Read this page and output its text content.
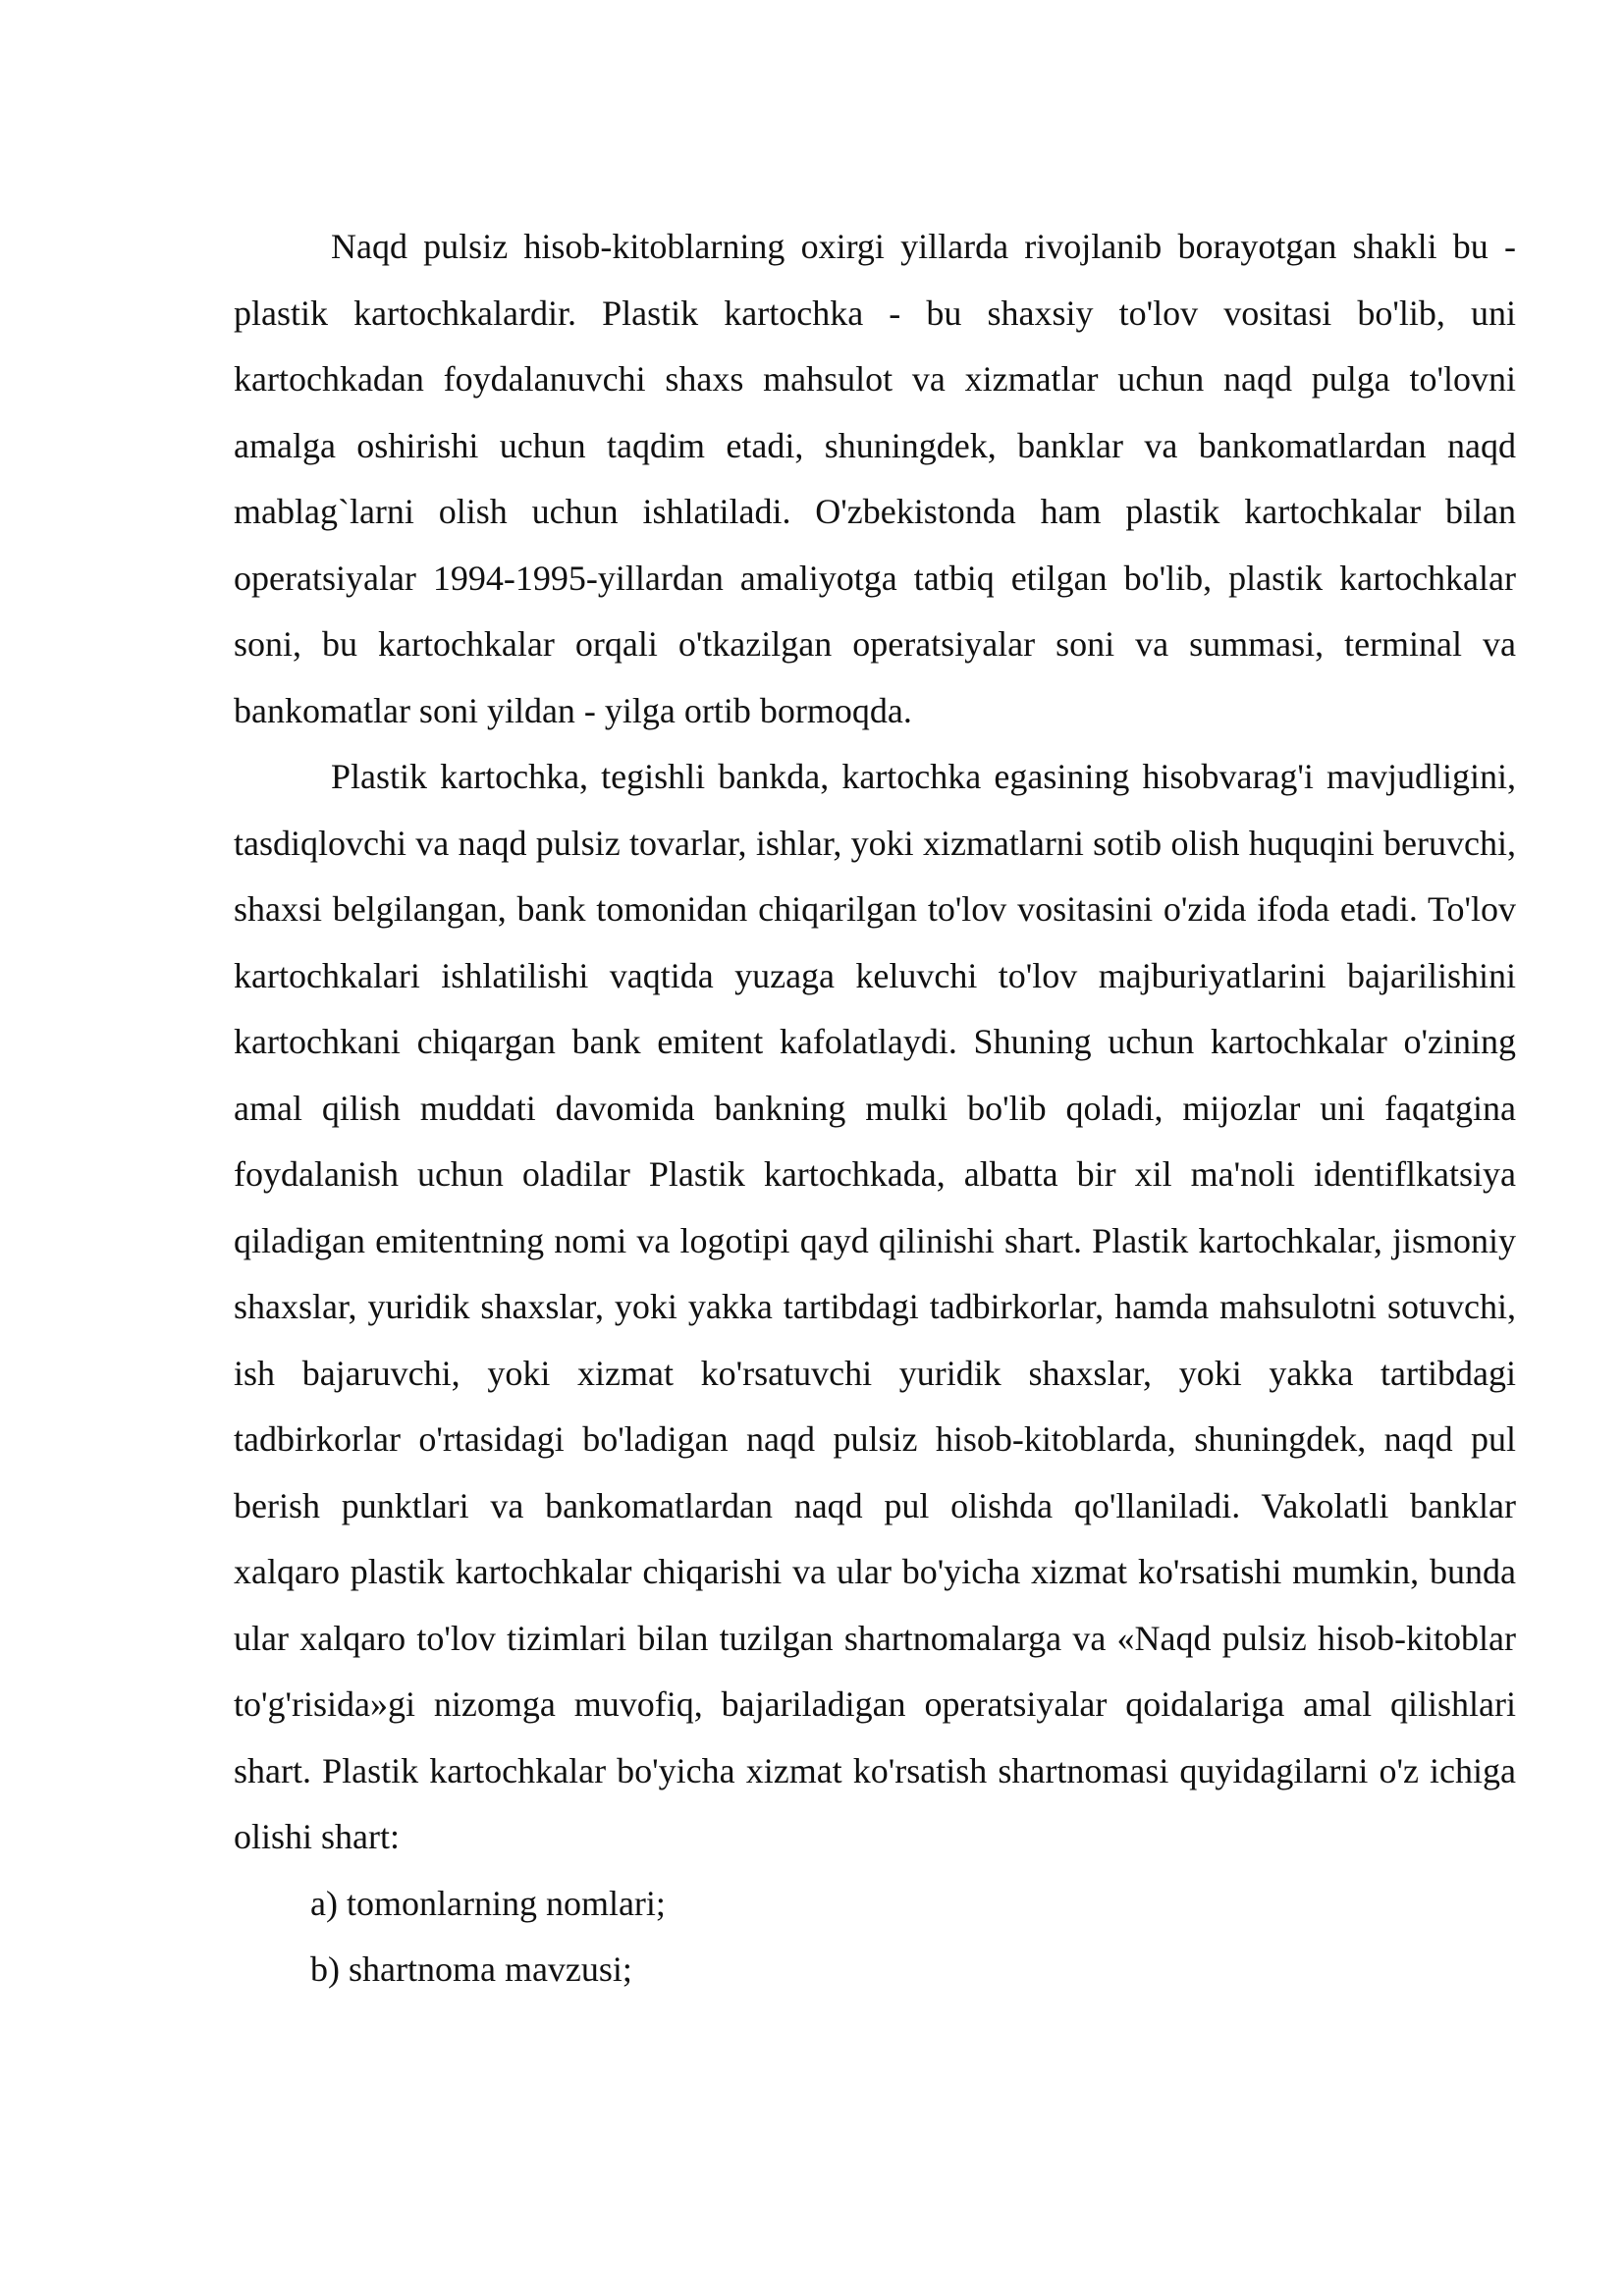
Naqd pulsiz hisob-kitoblarning oxirgi yillarda rivojlanib borayotgan shakli bu - plastik kartochkalardir. Plastik kartochka - bu shaxsiy to'lov vositasi bo'lib, uni kartochkadan foydalanuvchi shaxs mahsulot va xizmatlar uchun naqd pulga to'lovni amalga oshirishi uchun taqdim etadi, shuningdek, banklar va bankomatlardan naqd mablag`larni olish uchun ishlatiladi. O'zbekistonda ham plastik kartochkalar bilan operatsiyalar 1994-1995-yillardan amaliyotga tatbiq etilgan bo'lib, plastik kartochkalar soni, bu kartochkalar orqali o'tkazilgan operatsiyalar soni va summasi, terminal va bankomatlar soni yildan - yilga ortib bormoqda.

Plastik kartochka, tegishli bankda, kartochka egasining hisobvarag'i mavjudligini, tasdiqlovchi va naqd pulsiz tovarlar, ishlar, yoki xizmatlarni sotib olish huquqini beruvchi, shaxsi belgilangan, bank tomonidan chiqarilgan to'lov vositasini o'zida ifoda etadi. To'lov kartochkalari ishlatilishi vaqtida yuzaga keluvchi to'lov majburiyatlarini bajarilishini kartochkani chiqargan bank emitent kafolatlaydi. Shuning uchun kartochkalar o'zining amal qilish muddati davomida bankning mulki bo'lib qoladi, mijozlar uni faqatgina foydalanish uchun oladilar Plastik kartochkada, albatta bir xil ma'noli identiflkatsiya qiladigan emitentning nomi va logotipi qayd qilinishi shart. Plastik kartochkalar, jismoniy shaxslar, yuridik shaxslar, yoki yakka tartibdagi tadbirkorlar, hamda mahsulotni sotuvchi, ish bajaruvchi, yoki xizmat ko'rsatuvchi yuridik shaxslar, yoki yakka tartibdagi tadbirkorlar o'rtasidagi bo'ladigan naqd pulsiz hisob-kitoblarda, shuningdek, naqd pul berish punktlari va bankomatlardan naqd pul olishda qo'llaniladi. Vakolatli banklar xalqaro plastik kartochkalar chiqarishi va ular bo'yicha xizmat ko'rsatishi mumkin, bunda ular xalqaro to'lov tizimlari bilan tuzilgan shartnomalarga va «Naqd pulsiz hisob-kitoblar to'g'risida»gi nizomga muvofiq, bajariladigan operatsiyalar qoidalariga amal qilishlari shart. Plastik kartochkalar bo'yicha xizmat ko'rsatish shartnomasi quyidagilarni o'z ichiga olishi shart:

a) tomonlarning nomlari;

b) shartnoma mavzusi;
